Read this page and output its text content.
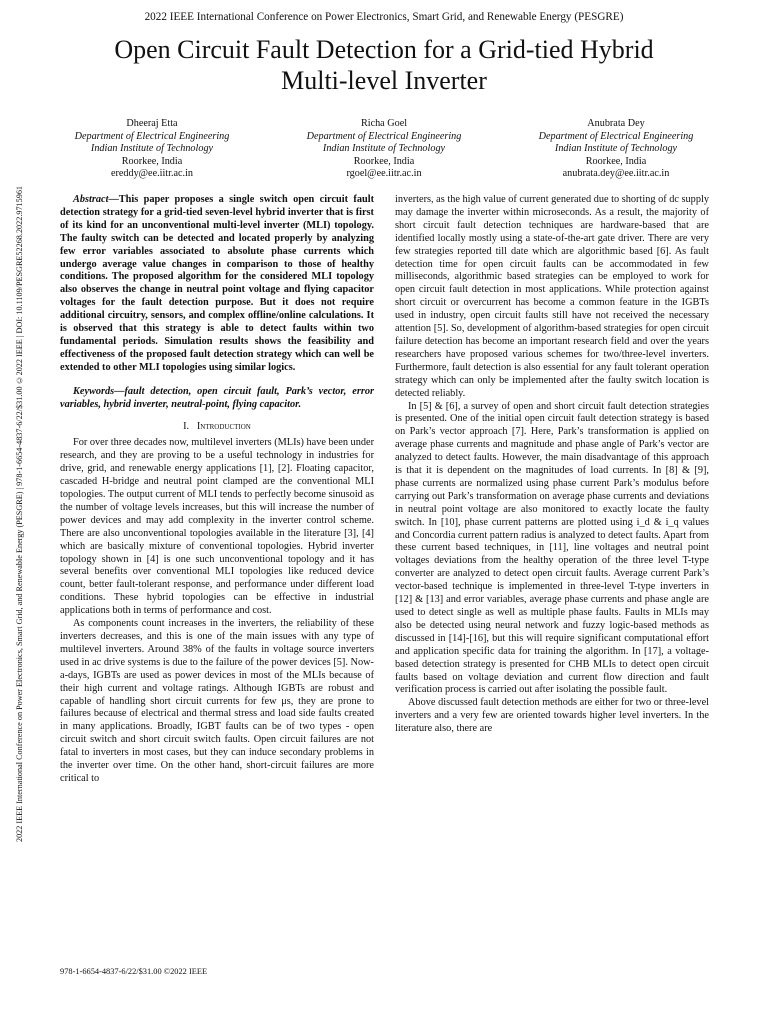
2022 IEEE International Conference on Power Electronics, Smart Grid, and Renewable Energy (PESGRE)
Open Circuit Fault Detection for a Grid-tied Hybrid
Multi-level Inverter
Dheeraj Etta
Department of Electrical Engineering
Indian Institute of Technology
Roorkee, India
ereddy@ee.iitr.ac.in
Richa Goel
Department of Electrical Engineering
Indian Institute of Technology
Roorkee, India
rgoel@ee.iitr.ac.in
Anubrata Dey
Department of Electrical Engineering
Indian Institute of Technology
Roorkee, India
anubrata.dey@ee.iitr.ac.in
2022 IEEE International Conference on Power Electronics, Smart Grid, and Renewable Energy (PESGRE) | 978-1-6654-4837-6/22/$31.00 ©2022 IEEE | DOI: 10.1109/PESGRE52268.2022.9715961	Abstract—This paper proposes a single switch open circuit fault detection strategy for a grid-tied seven-level hybrid inverter that is first of its kind for an unconventional multi-level inverter (MLI) topology. The faulty switch can be detected and located properly by analyzing few error variables associated to absolute phase currents which undergo average value changes in comparison to those of healthy conditions. The proposed algorithm for the considered MLI topology also observes the change in neutral point voltage and flying capacitor voltages for the fault detection purpose. But it does not require additional circuitry, sensors, and complex offline/online calculations. It is observed that this strategy is able to detect faults within two fundamental periods. Simulation results shows the feasibility and effectiveness of the proposed fault detection strategy which can well be extended to other MLI topologies using similar logics.

Keywords—fault detection, open circuit fault, Park’s vector, error variables, hybrid inverter, neutral-point, flying capacitor.

I. Introduction

For over three decades now, multilevel inverters (MLIs) have been under research, and they are proving to be a useful technology in industries for drive, grid, and renewable energy applications [1], [2]. Floating capacitor, cascaded H-bridge and neutral point clamped are the conventional MLI topologies. The output current of MLI tends to perfectly become sinusoid as the number of voltage levels increases, but this will increase the number of power devices and may add complexity in the inverter control scheme. There are also unconventional topologies available in the literature [3], [4] which are basically mixture of conventional topologies. Hybrid inverter topology shown in [4] is one such unconventional topology and it has several benefits over conventional MLI topologies like reduced device count, better fault-tolerant response, and performance under different load conditions. These hybrid topologies can be effective in industrial applications both in terms of performance and cost.

As components count increases in the inverters, the reliability of these inverters decreases, and this is one of the main issues with any type of multilevel inverters. Around 38% of the faults in voltage source inverters used in ac drive systems is due to the failure of the power devices [5]. Now-a-days, IGBTs are used as power devices in most of the MLIs because of their high current and voltage ratings. Although IGBTs are robust and capable of handling short circuit currents for few μs, they are prone to failures because of electrical and thermal stress and load side faults created in many applications. Broadly, IGBT faults can be of two types - open circuit switch and short circuit switch faults. Open circuit failures are not fatal to inverters in most cases, but they can induce secondary problems in the inverter over time. On the other hand, short-circuit failures are more critical to

inverters, as the high value of current generated due to shorting of dc supply may damage the inverter within microseconds. As a result, the majority of short circuit fault detection techniques are hardware-based that are identified locally mostly using a state-of-the-art gate driver. There are very few strategies reported till date which are algorithmic based [6]. As fault detection time for open circuit faults can be accommodated in few milliseconds, algorithmic based strategies can be employed to work for open circuit fault detection in most applications. While protection against short circuit or overcurrent has become a common feature in the IGBTs used in industry, open circuit faults still have not received the necessary attention [5]. So, development of algorithm-based strategies for open circuit failure detection has become an important research field and over the years researchers have proposed various schemes for two/three-level inverters. Furthermore, fault detection is also essential for any fault tolerant operation strategy which can only be implemented after the faulty switch location is detected reliably.

In [5] & [6], a survey of open and short circuit fault detection strategies is presented. One of the initial open circuit fault detection strategy is based on Park’s vector approach [7]. Here, Park’s transformation is applied on average phase currents and magnitude and phase angle of Park’s vector are analyzed to detect faults. However, the main disadvantage of this approach is that it is dependent on the magnitudes of load currents. In [8] & [9], phase currents are normalized using phase current Park’s modulus before carrying out Park’s transformation on average phase currents and deviations in neutral point voltage are also monitored to exactly locate the faulty switch. In [10], phase current patterns are plotted using i_d & i_q values and Concordia current pattern radius is analyzed to detect faults. Apart from these current based techniques, in [11], line voltages and neutral point voltages deviations from the healthy operation of the three level T-type converter are analyzed to detect open circuit faults. Average current Park’s vector-based technique is implemented in three-level T-type inverters in [12] & [13] and error variables, average phase currents and phase angle are used to detect single as well as multiple phase faults. Faults in MLIs may also be detected using neural network and fuzzy logic-based methods as discussed in [14]-[16], but this will require significant computational effort and application specific data for training the algorithm. In [17], a voltage-based detection strategy is presented for CHB MLIs to detect open circuit faults based on voltage deviation and current flow direction and fault verification process is carried out after isolating the possible fault.

Above discussed fault detection methods are either for two or three-level inverters and a very few are oriented towards higher level inverters. In the literature also, there are

978-1-6654-4837-6/22/$31.00 ©2022 IEEE
